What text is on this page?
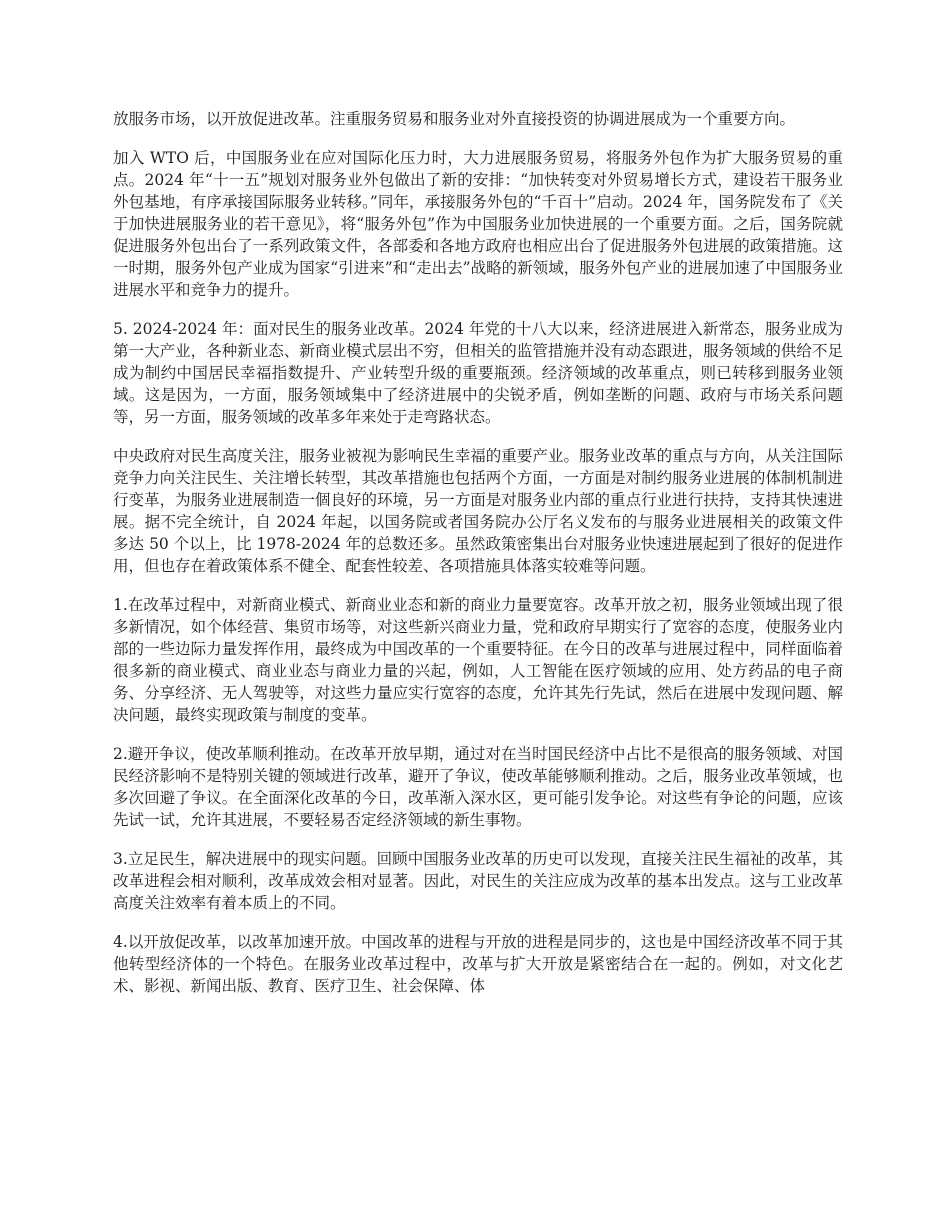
放服务市场，以开放促进改革。注重服务贸易和服务业对外直接投资的协调进展成为一个重要方向。

加入 WTO 后，中国服务业在应对国际化压力时，大力进展服务贸易，将服务外包作为扩大服务贸易的重点。2024 年“十一五”规划对服务业外包做出了新的安排：“加快转变对外贸易增长方式，建设若干服务业外包基地，有序承接国际服务业转移。”同年，承接服务外包的“千百十”启动。2024 年，国务院发布了《关于加快进展服务业的若干意见》，将“服务外包”作为中国服务业加快进展的一个重要方面。之后，国务院就促进服务外包出台了一系列政策文件，各部委和各地方政府也相应出台了促进服务外包进展的政策措施。这一时期，服务外包产业成为国家“引进来”和“走出去”战略的新领域，服务外包产业的进展加速了中国服务业进展水平和竞争力的提升。

5. 2024-2024 年：面对民生的服务业改革。2024 年党的十八大以来，经济进展进入新常态，服务业成为第一大产业，各种新业态、新商业模式层出不穷，但相关的监管措施并没有动态跟进，服务领域的供给不足成为制约中国居民幸福指数提升、产业转型升级的重要瓶颈。经济领域的改革重点，则已转移到服务业领域。这是因为，一方面，服务领域集中了经济进展中的尖锐矛盾，例如垄断的问题、政府与市场关系问题等，另一方面，服务领域的改革多年来处于走弯路状态。

中央政府对民生高度关注，服务业被视为影响民生幸福的重要产业。服务业改革的重点与方向，从关注国际竞争力向关注民生、关注增长转型，其改革措施也包括两个方面，一方面是对制约服务业进展的体制机制进行变革，为服务业进展制造一個良好的环境，另一方面是对服务业内部的重点行业进行扶持，支持其快速进展。据不完全统计，自 2024 年起，以国务院或者国务院办公厅名义发布的与服务业进展相关的政策文件多达 50 个以上，比 1978-2024 年的总数还多。虽然政策密集出台对服务业快速进展起到了很好的促进作用，但也存在着政策体系不健全、配套性较差、各项措施具体落实较难等问题。

1.在改革过程中，对新商业模式、新商业业态和新的商业力量要宽容。改革开放之初，服务业领域出现了很多新情况，如个体经营、集贸市场等，对这些新兴商业力量，党和政府早期实行了宽容的态度，使服务业内部的一些边际力量发挥作用，最终成为中国改革的一个重要特征。在今日的改革与进展过程中，同样面临着很多新的商业模式、商业业态与商业力量的兴起，例如，人工智能在医疗领域的应用、处方药品的电子商务、分享经济、无人驾驶等，对这些力量应实行宽容的态度，允许其先行先试，然后在进展中发现问题、解决问题，最终实现政策与制度的变革。

2.避开争议，使改革顺利推动。在改革开放早期，通过对在当时国民经济中占比不是很高的服务领域、对国民经济影响不是特别关键的领域进行改革，避开了争议，使改革能够顺利推动。之后，服务业改革领域，也多次回避了争议。在全面深化改革的今日，改革渐入深水区，更可能引发争论。对这些有争论的问题，应该先试一试，允许其进展，不要轻易否定经济领域的新生事物。

3.立足民生，解决进展中的现实问题。回顾中国服务业改革的历史可以发现，直接关注民生福祉的改革，其改革进程会相对顺利，改革成效会相对显著。因此，对民生的关注应成为改革的基本出发点。这与工业改革高度关注效率有着本质上的不同。

4.以开放促改革，以改革加速开放。中国改革的进程与开放的进程是同步的，这也是中国经济改革不同于其他转型经济体的一个特色。在服务业改革过程中，改革与扩大开放是紧密结合在一起的。例如，对文化艺术、影视、新闻出版、教育、医疗卫生、社会保障、体
